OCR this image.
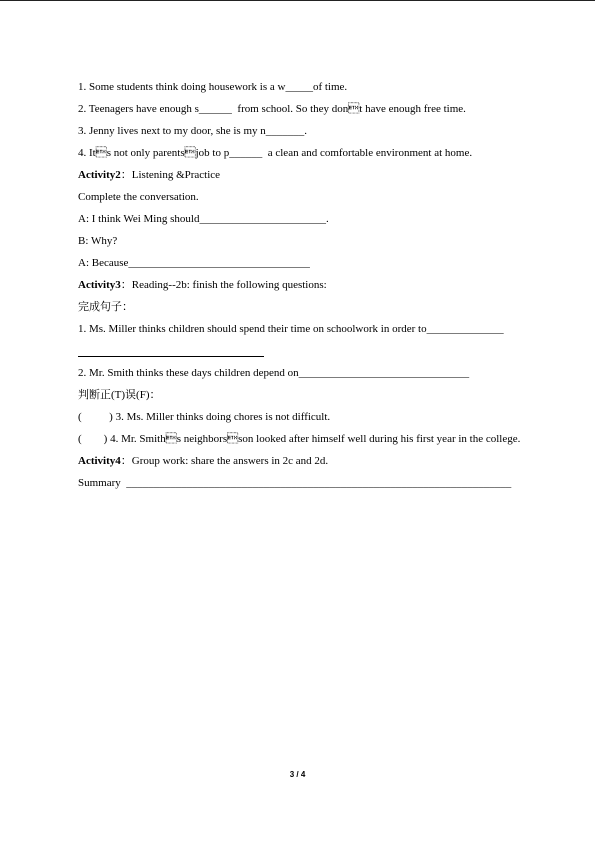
1. Some students think doing housework is a w_____of time.
2. Teenagers have enough s______  from school. So they dont have enough free time.
3. Jenny lives next to my door, she is my n_______.
4. Its not only parentsjob to p______  a clean and comfortable environment at home.
Activity2：Listening &Practice
Complete the conversation.
A: I think Wei Ming should_______________________.
B: Why?
A: Because_________________________________
Activity3：Reading--2b: finish the following questions:
完成句子：
1. Ms. Miller thinks children should spend their time on schoolwork in order to______________
2. Mr. Smith thinks these days children depend on_______________________________
判断正(T)误(F)：
(          ) 3. Ms. Miller thinks doing chores is not difficult.
(        ) 4. Mr. Smiths neighborsson looked after himself well during his first year in the college.
Activity4：Group work: share the answers in 2c and 2d.
Summary  ______________________________________________________________________
3 / 4
